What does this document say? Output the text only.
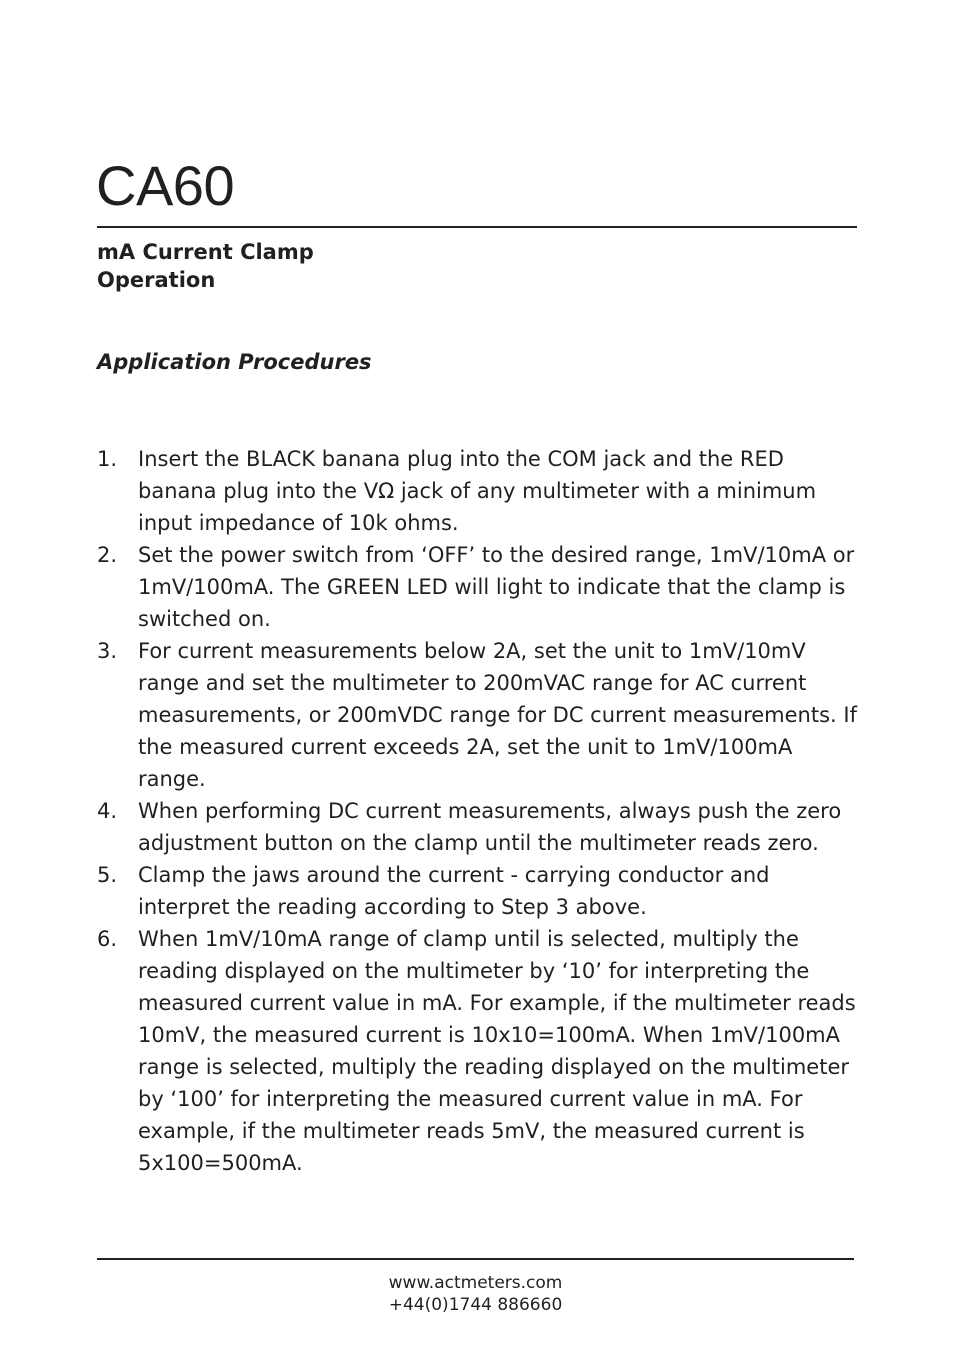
CA60
mA Current Clamp
Operation
Application Procedures
1. Insert the BLACK banana plug into the COM jack and the RED banana plug into the VΩ jack of any multimeter with a minimum input impedance of 10k ohms.
2. Set the power switch from ‘OFF’ to the desired range, 1mV/10mA or 1mV/100mA. The GREEN LED will light to indicate that the clamp is switched on.
3. For current measurements below 2A, set the unit to 1mV/10mV range and set the multimeter to 200mVAC range for AC current measurements, or 200mVDC range for DC current measurements. If the measured current exceeds 2A, set the unit to 1mV/100mA range.
4. When performing DC current measurements, always push the zero adjustment button on the clamp until the multimeter reads zero.
5. Clamp the jaws around the current - carrying conductor and interpret the reading according to Step 3 above.
6. When 1mV/10mA range of clamp until is selected, multiply the reading displayed on the multimeter by ‘10’ for interpreting the measured current value in mA. For example, if the multimeter reads 10mV, the measured current is 10x10=100mA. When 1mV/100mA range is selected, multiply the reading displayed on the multimeter by ‘100’ for interpreting the measured current value in mA. For example, if the multimeter reads 5mV, the measured current is 5x100=500mA.
www.actmeters.com
+44(0)1744 886660
